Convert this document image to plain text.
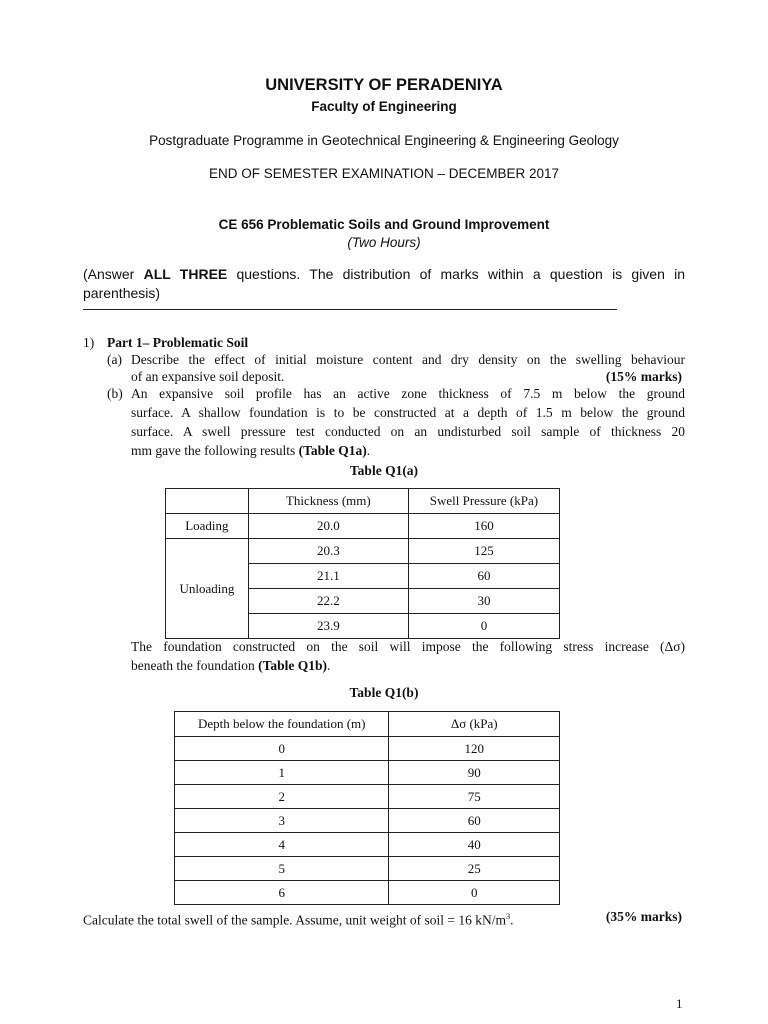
UNIVERSITY OF PERADENIYA
Faculty of Engineering
Postgraduate Programme in Geotechnical Engineering & Engineering Geology
END OF SEMESTER EXAMINATION – DECEMBER 2017
CE 656 Problematic Soils and Ground Improvement
(Two Hours)
(Answer ALL THREE questions. The distribution of marks within a question is given in parenthesis)
1) Part 1– Problematic Soil
(a) Describe the effect of initial moisture content and dry density on the swelling behaviour
of an expansive soil deposit.	(15% marks)
(b) An expansive soil profile has an active zone thickness of 7.5 m below the ground
surface. A shallow foundation is to be constructed at a depth of 1.5 m below the ground
surface. A swell pressure test conducted on an undisturbed soil sample of thickness 20
mm gave the following results (Table Q1a).
Table Q1(a)
	Thickness (mm)	Swell Pressure (kPa)
Loading	20.0	160
Unloading	20.3	125
	21.1	60
	22.2	30
	23.9	0
The foundation constructed on the soil will impose the following stress increase (Δσ)
beneath the foundation (Table Q1b).
Table Q1(b)
Depth below the foundation (m)	Δσ (kPa)
0	120
1	90
2	75
3	60
4	40
5	25
6	0
Calculate the total swell of the sample. Assume, unit weight of soil = 16 $kN/m^3$.	(35% marks)
1
